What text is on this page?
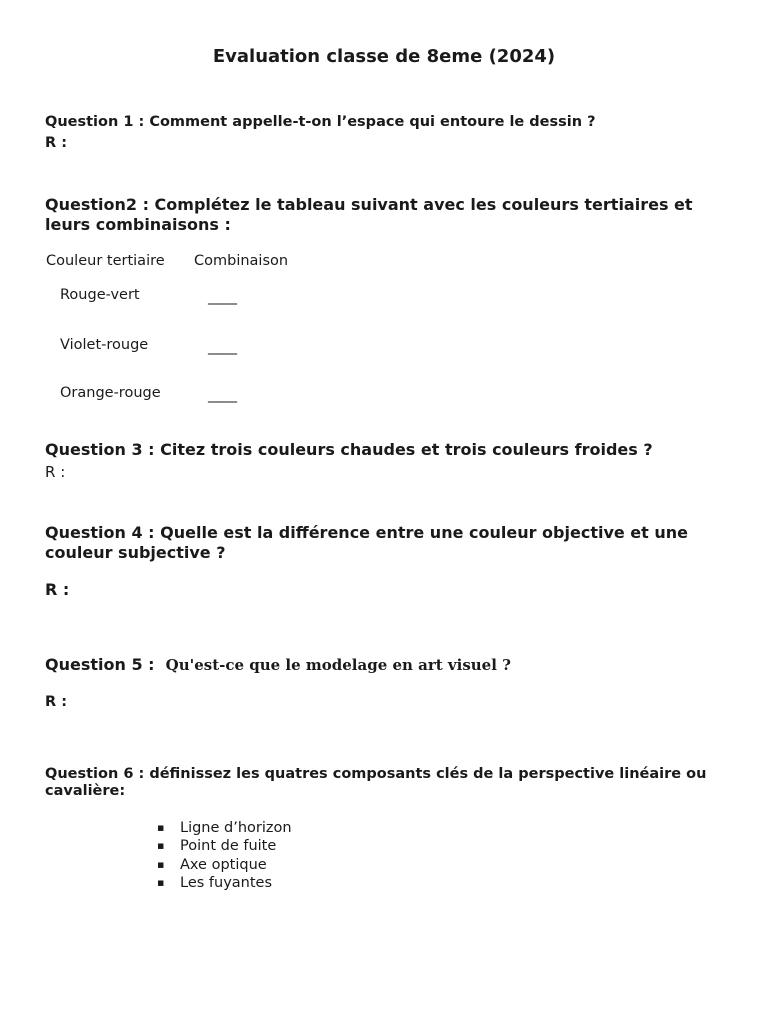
Evaluation classe de 8eme (2024)
Question 1 : Comment appelle-t-on l’espace qui entoure le dessin ?
R :
Question2 : Complétez le tableau suivant avec les couleurs tertiaires et leurs combinaisons :
Couleur tertiaire Combinaison
Rouge-vert	____
Violet-rouge	____
Orange-rouge	____
Question 3 : Citez trois couleurs chaudes et trois couleurs froides ?
R :
Question 4 : Quelle est la différence entre une couleur objective et une couleur subjective ?
R :
Question 5 : Qu'est-ce que le modelage en art visuel ?
R :
Question 6 : définissez les quatres composants clés de la perspective linéaire ou cavalière:
▪ Ligne d’horizon
▪ Point de fuite
▪ Axe optique
▪ Les fuyantes
